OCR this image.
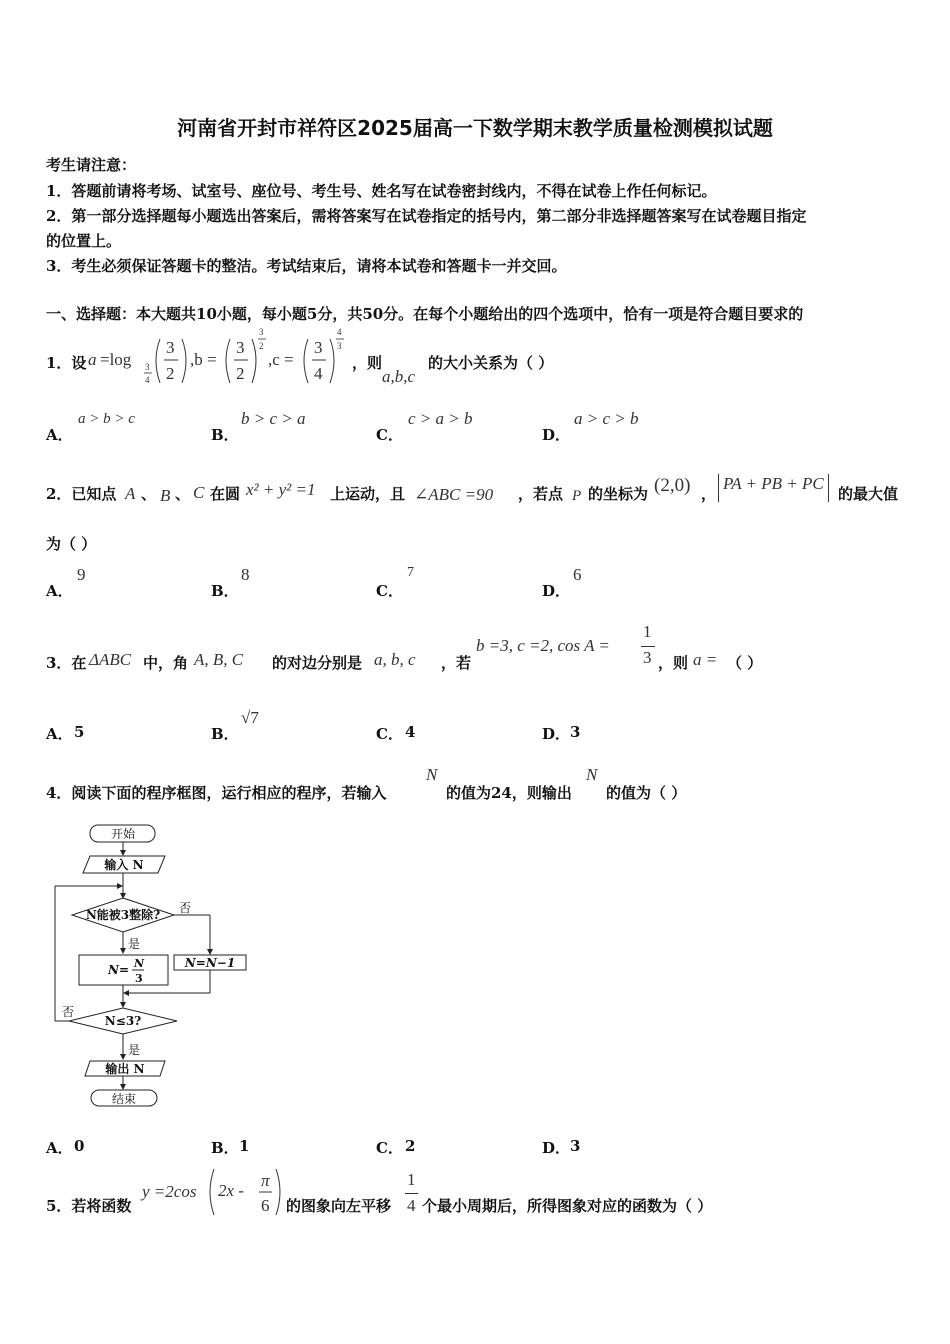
河南省开封市祥符区2025届高一下数学期末教学质量检测模拟试题
考生请注意：
1．答题前请将考场、试室号、座位号、考生号、姓名写在试卷密封线内，不得在试卷上作任何标记。
2．第一部分选择题每小题选出答案后，需将答案写在试卷指定的括号内，第二部分非选择题答案写在试卷题目指定
的位置上。
3．考生必须保证答题卡的整洁。考试结束后，请将本试卷和答题卡一并交回。
一、选择题：本大题共10小题，每小题5分，共50分。在每个小题给出的四个选项中，恰有一项是符合题目要求的
1．设 a =log 3
4
3
2
,b =
3
2
3
2
,c =
3
4
4
3
，则
a,b,c
的大小关系为（ ）
A．
a > b > c
B．
b > c > a
C．
c > a > b
D．
a > c > b
2．已知点 A 、 B 、 C 在圆 x² + y² =1 上运动，且 ∠ABC =90 ，若点 P 的坐标为 (2,0) ，
PA + PB + PC
的最大值
为（ ）
A．
9
B．
8
C．
7
D．
6
3．在 ΔABC 中，角 A, B, C 的对边分别是 a, b, c ，若
b =3, c =2, cos A =
1
3 ，则 a = （ ）
A． 5	B．
√7
C． 4	D． 3
4．阅读下面的程序框图，运行相应的程序，若输入
N
的值为24，则输出
N
的值为（ ）
开始
输入 N
N能被3整除? 否
是
N= N
3
N=N−1
否
N≤3?
是
输出 N
结束
A． 0	B． 1	C． 2	D． 3
5．若将函数
y =2cos 2x -
π
6 的图象向左平移
1
4 个最小周期后，所得图象对应的函数为（ ）
